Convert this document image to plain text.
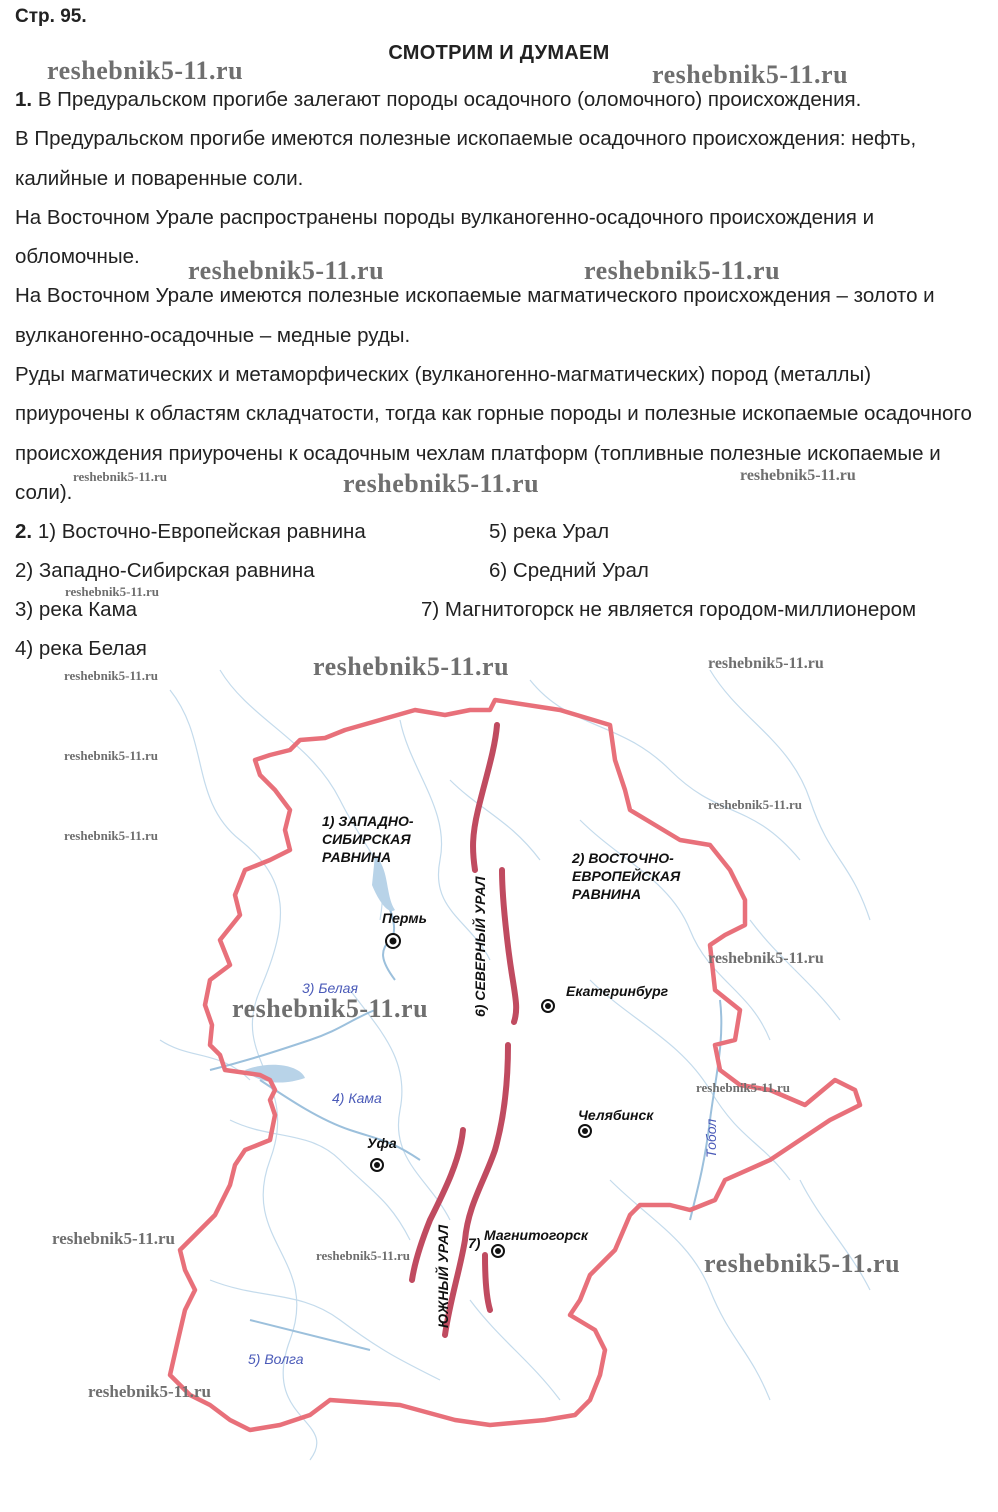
Стр. 95.
СМОТРИМ И ДУМАЕМ

1. В Предуральском прогибе залегают породы осадочного (оломочного) происхождения.

В Предуральском прогибе имеются полезные ископаемые осадочного происхождения: нефть, калийные и поваренные соли.

На Восточном Урале распространены породы вулканогенно-осадочного происхождения и обломочные.

На Восточном Урале имеются полезные ископаемые магматического происхождения – золото и вулканогенно-осадочные – медные руды.

Руды магматических и метаморфических (вулканогенно-магматических) пород (металлы) приурочены к областям складчатости, тогда как горные породы и полезные ископаемые осадочного происхождения приурочены к осадочным чехлам платформ (топливные полезные ископаемые и соли).

2. 1) Восточно-Европейская равнина	5) река Урал
2) Западно-Сибирская равнина	6) Средний Урал
3) река Кама	7) Магнитогорск не является городом-миллионером
4) река Белая
1) ЗАПАДНО-
СИБИРСКАЯ
РАВНИНА	2) ВОСТОЧНО-
ЕВРОПЕЙСКАЯ
РАВНИНА
6) СЕВЕРНЫЙ УРАЛ
ЮЖНЫЙ УРАЛ 7)
3) Белая
4) Кама
5) Волга
Тобол
Пермь
Екатеринбург
Челябинск
Уфа
Магнитогорск
reshebnik5-11.ru	reshebnik5-11.ru
reshebnik5-11.ru	reshebnik5-11.ru
reshebnik5-11.ru
reshebnik5-11.ru	reshebnik5-11.ru
reshebnik5-11.ru
reshebnik5-11.ru	reshebnik5-11.ru
reshebnik5-11.ru
reshebnik5-11.ru
reshebnik5-11.ru
reshebnik5-11.ru
reshebnik5-11.ru
reshebnik5-11.ru
reshebnik5-11.ru
reshebnik5-11.ru
reshebnik5-11.ru	reshebnik5-11.ru
reshebnik5-11.ru
